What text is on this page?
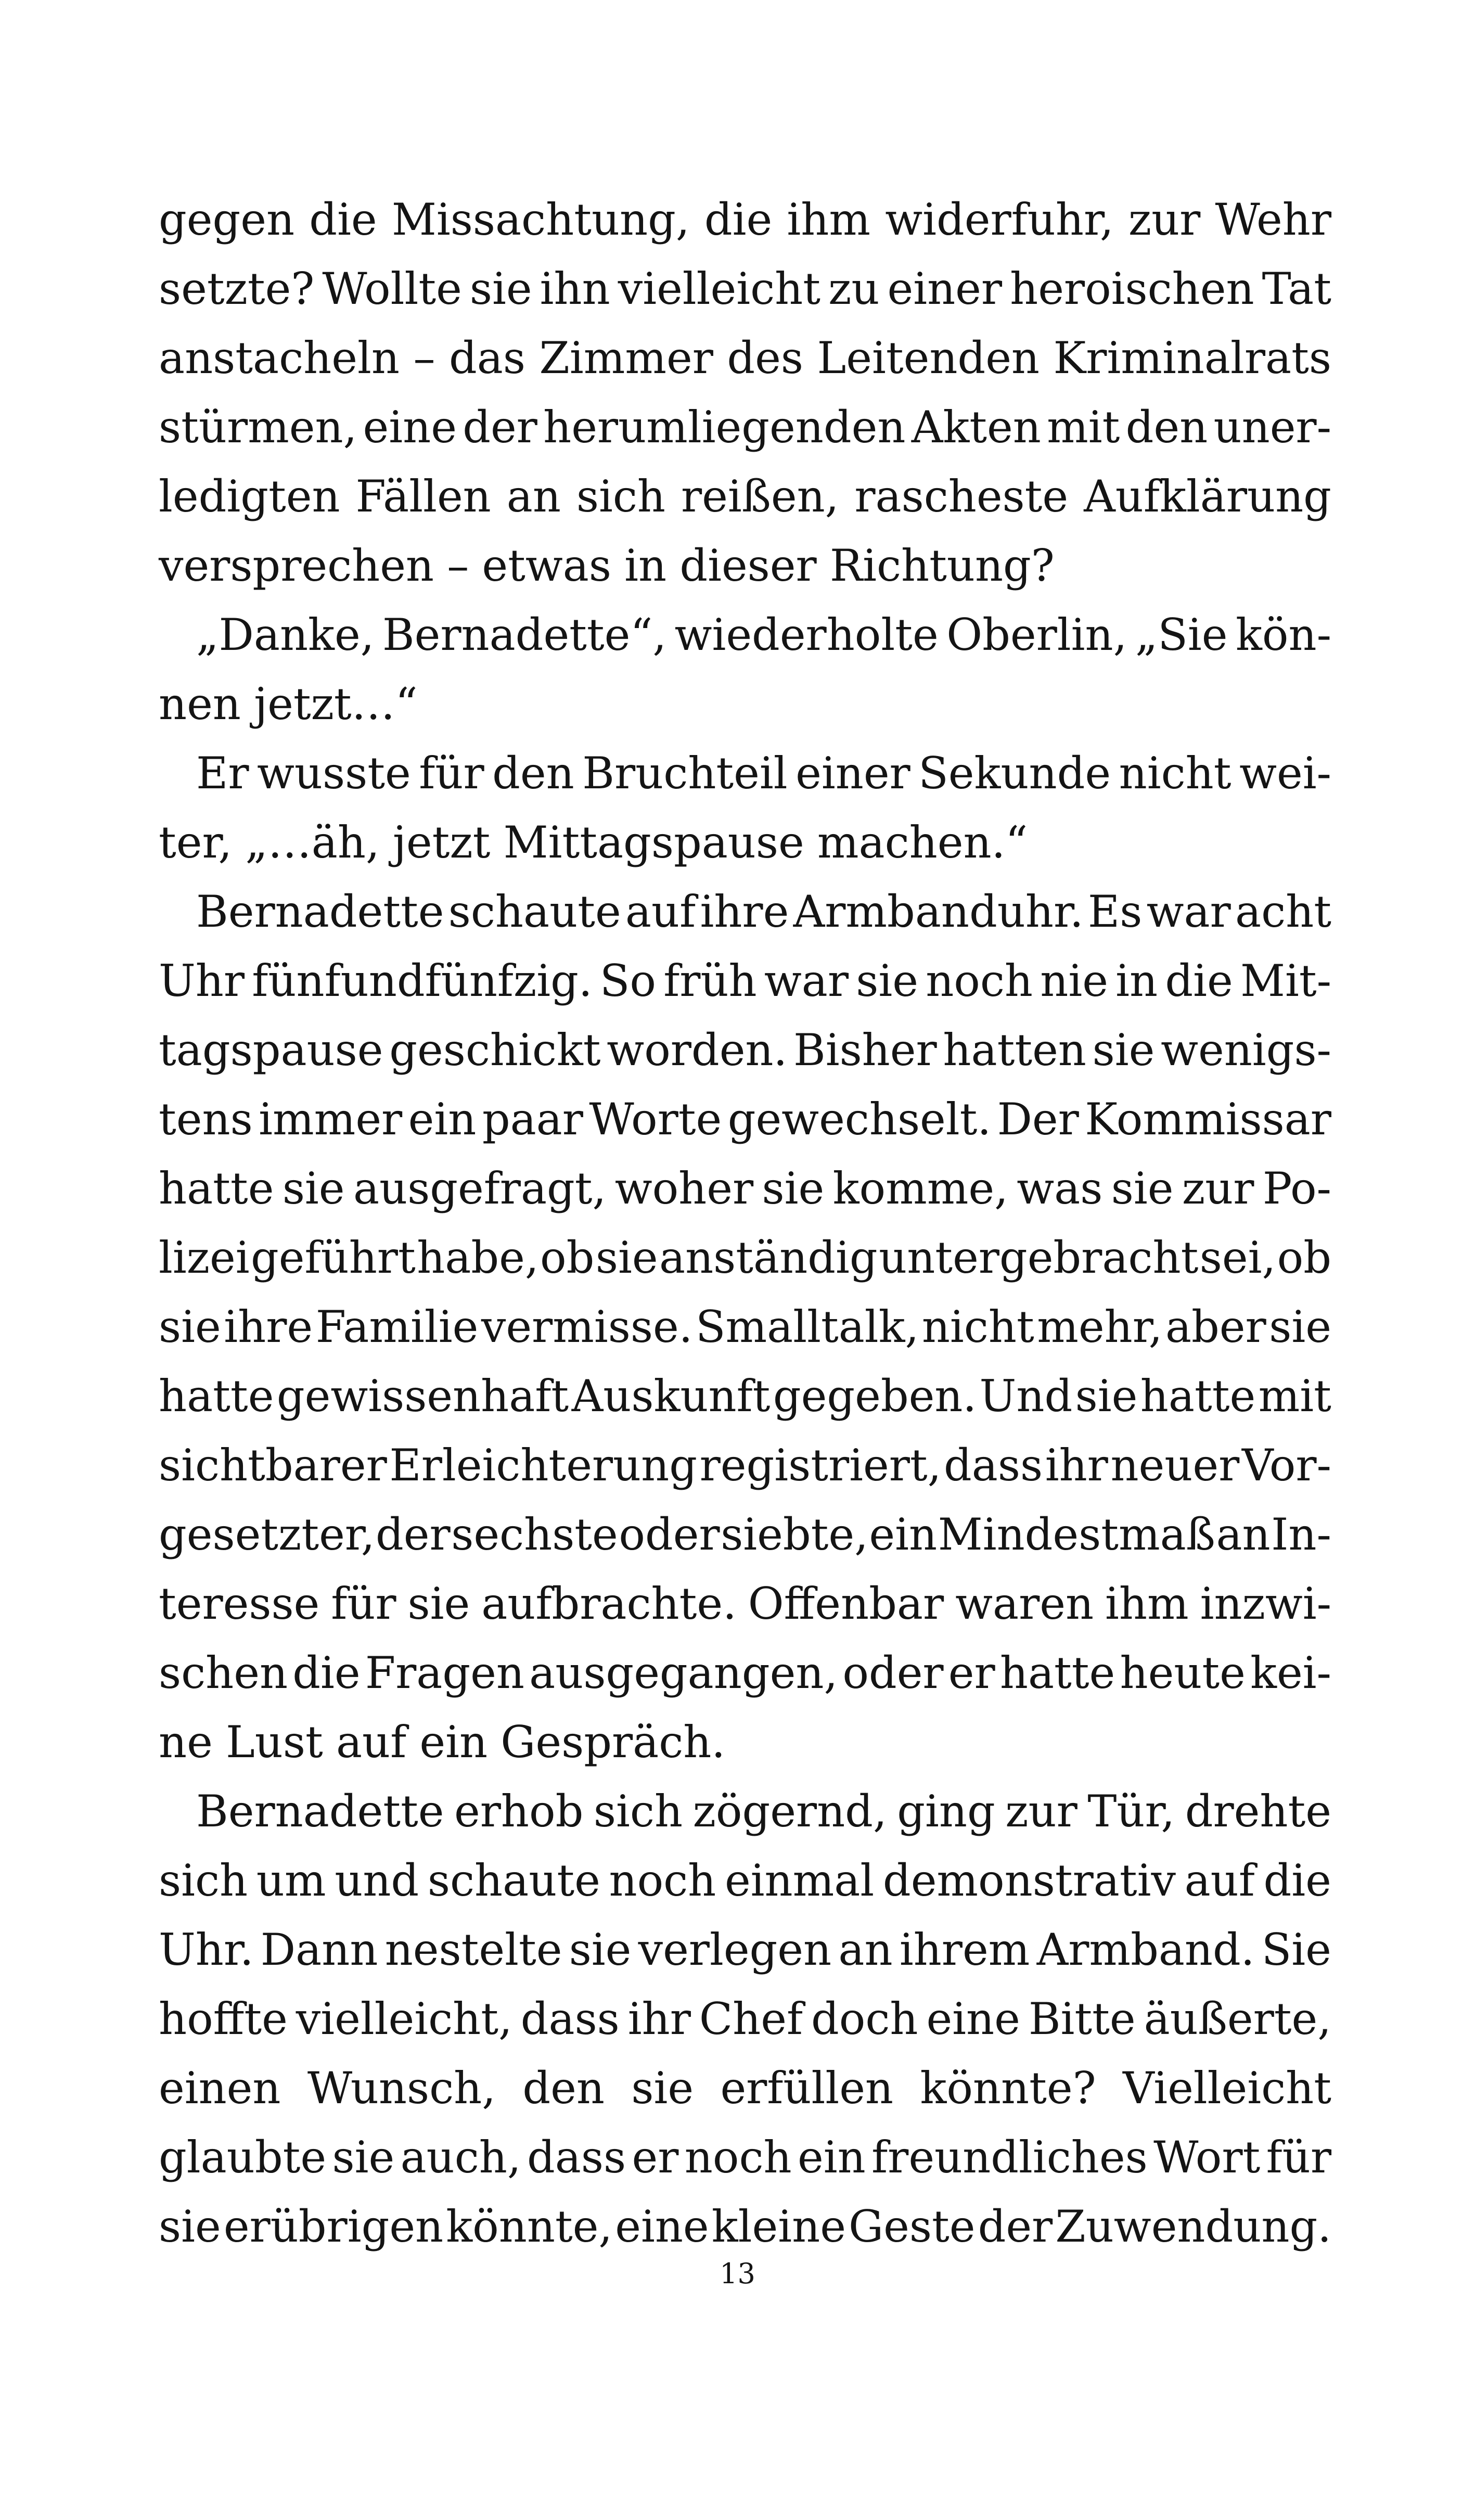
gegen die Missachtung, die ihm widerfuhr, zur Wehr
setzte? Wollte sie ihn vielleicht zu einer heroischen Tat
anstacheln – das Zimmer des Leitenden Kriminalrats
stürmen, eine der herumliegenden Akten mit den uner-
ledigten Fällen an sich reißen, rascheste Aufklärung
versprechen – etwas in dieser Richtung?
„Danke, Bernadette“, wiederholte Oberlin, „Sie kön-
nen jetzt…“
Er wusste für den Bruchteil einer Sekunde nicht wei-
ter, „…äh, jetzt Mittagspause machen.“
Bernadette schaute auf ihre Armbanduhr. Es war acht
Uhr fünfundfünfzig. So früh war sie noch nie in die Mit-
tagspause geschickt worden. Bisher hatten sie wenigs-
tens immer ein paar Worte gewechselt. Der Kommissar
hatte sie ausgefragt, woher sie komme, was sie zur Po-
lizei geführt habe, ob sie anständig untergebracht sei, ob
sie ihre Familie vermisse. Smalltalk, nicht mehr, aber sie
hatte gewissenhaft Auskunft gegeben. Und sie hatte mit
sichtbarer Erleichterung registriert, dass ihr neuer Vor-
gesetzter, der sechste oder siebte, ein Mindestmaß an In-
teresse für sie aufbrachte. Offenbar waren ihm inzwi-
schen die Fragen ausgegangen, oder er hatte heute kei-
ne Lust auf ein Gespräch.
Bernadette erhob sich zögernd, ging zur Tür, drehte
sich um und schaute noch einmal demonstrativ auf die
Uhr. Dann nestelte sie verlegen an ihrem Armband. Sie
hoffte vielleicht, dass ihr Chef doch eine Bitte äußerte,
einen Wunsch, den sie erfüllen könnte? Vielleicht
glaubte sie auch, dass er noch ein freundliches Wort für
sie erübrigen könnte, eine kleine Geste der Zuwendung.
13
